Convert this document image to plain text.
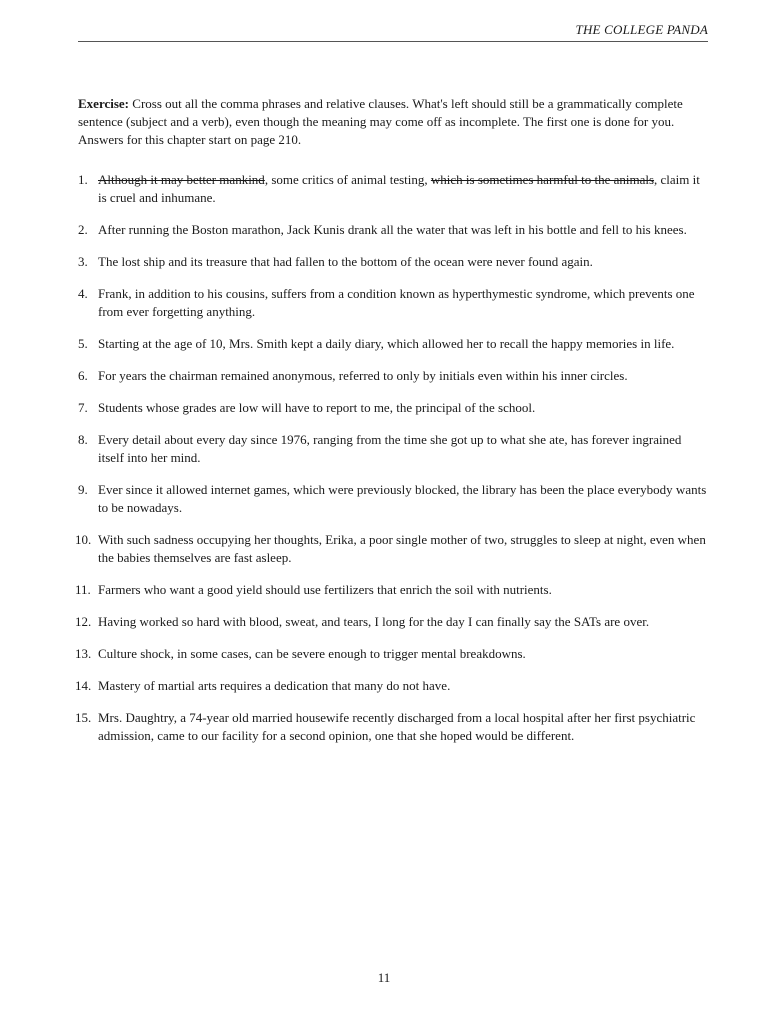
THE COLLEGE PANDA

Exercise: Cross out all the comma phrases and relative clauses. What's left should still be a grammatically complete sentence (subject and a verb), even though the meaning may come off as incomplete. The first one is done for you. Answers for this chapter start on page 210.

1. Although it may better mankind, some critics of animal testing, which is sometimes harmful to the animals, claim it is cruel and inhumane.
2. After running the Boston marathon, Jack Kunis drank all the water that was left in his bottle and fell to his knees.
3. The lost ship and its treasure that had fallen to the bottom of the ocean were never found again.
4. Frank, in addition to his cousins, suffers from a condition known as hyperthymestic syndrome, which prevents one from ever forgetting anything.
5. Starting at the age of 10, Mrs. Smith kept a daily diary, which allowed her to recall the happy memories in life.
6. For years the chairman remained anonymous, referred to only by initials even within his inner circles.
7. Students whose grades are low will have to report to me, the principal of the school.
8. Every detail about every day since 1976, ranging from the time she got up to what she ate, has forever ingrained itself into her mind.
9. Ever since it allowed internet games, which were previously blocked, the library has been the place everybody wants to be nowadays.
10. With such sadness occupying her thoughts, Erika, a poor single mother of two, struggles to sleep at night, even when the babies themselves are fast asleep.
11. Farmers who want a good yield should use fertilizers that enrich the soil with nutrients.
12. Having worked so hard with blood, sweat, and tears, I long for the day I can finally say the SATs are over.
13. Culture shock, in some cases, can be severe enough to trigger mental breakdowns.
14. Mastery of martial arts requires a dedication that many do not have.
15. Mrs. Daughtry, a 74-year old married housewife recently discharged from a local hospital after her first psychiatric admission, came to our facility for a second opinion, one that she hoped would be different.
11
